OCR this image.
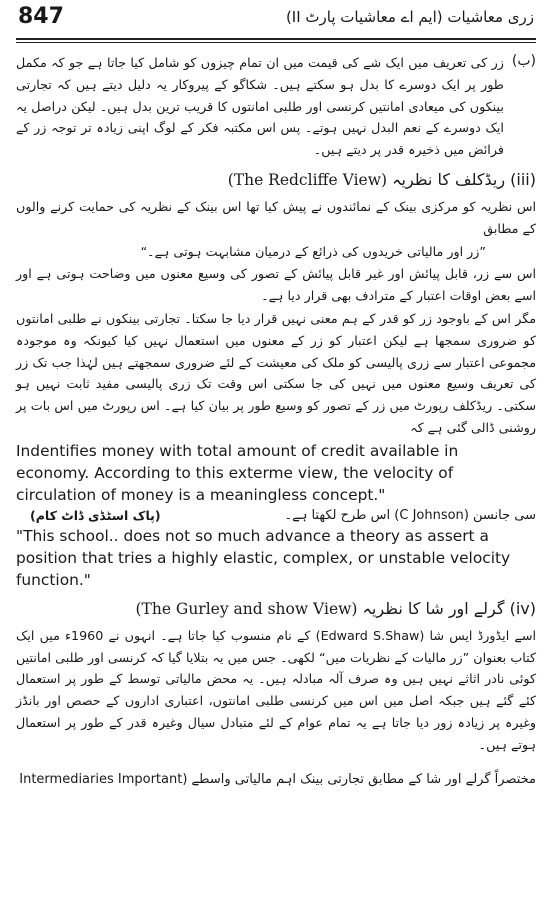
847	زری معاشیات (ایم اے معاشیات پارٹ II)
(ب)

زر کی تعریف میں ایک شے کی قیمت میں ان تمام چیزوں کو شامل کیا جاتا ہے جو کہ مکمل طور پر ایک دوسرے کا بدل ہو سکتے ہیں۔ شکاگو کے پیروکار یہ دلیل دیتے ہیں کہ تجارتی بینکوں کی میعادی امانتیں کرنسی اور طلبی امانتوں کا قریب ترین بدل ہیں۔ لیکن دراصل یہ ایک دوسرے کے نعم البدل نہیں ہوتے۔ پس اس مکتبہ فکر کے لوگ اپنی زیادہ تر توجہ زر کے فرائض میں ذخیرہ قدر پر دیتے ہیں۔

(iii) ریڈکلف کا نظریہ (The Redcliffe View)

اس نظریہ کو مرکزی بینک کے نمائندوں نے پیش کیا تھا اس بینک کے نظریہ کی حمایت کرنے والوں کے مطابق

”زر اور مالیاتی خریدوں کی ذرائع کے درمیان مشابہت ہوتی ہے۔“

اس سے زر، قابل پیائش اور غیر قابل پیائش کے تصور کی وسیع معنوں میں وضاحت ہوتی ہے اور اسے بعض اوقات اعتبار کے مترادف بھی قرار دیا ہے۔

مگر اس کے باوجود زر کو قدر کے ہم معنی نہیں قرار دیا جا سکتا۔ تجارتی بینکوں نے طلبی امانتوں کو ضروری سمجھا ہے لیکن اعتبار کو زر کے معنوں میں استعمال نہیں کیا کیونکہ وہ موجودہ مجموعی اعتبار سے زری پالیسی کو ملک کی معیشت کے لئے ضروری سمجھتے ہیں لہٰذا جب تک زر کی تعریف وسیع معنوں میں نہیں کی جا سکتی اس وقت تک زری پالیسی مفید ثابت نہیں ہو سکتی۔ ریڈکلف رپورٹ میں زر کے تصور کو وسیع طور پر بیان کیا ہے۔ اس رپورٹ میں اس بات پر روشنی ڈالی گئی ہے کہ

Indentifies money with total amount of credit available in economy. According to this exterme view, the velocity of circulation of money is a meaningless concept."

(پاک اسٹڈی ڈاٹ کام)	سی جانسن (C Johnson) اس طرح لکھتا ہے۔

"This school.. does not so much advance a theory as assert a position that tries a highly elastic, complex, or unstable velocity function."

(iv) گرلے اور شا کا نظریہ (The Gurley and show View)

اسے ایڈورڈ ایس شا (Edward S.Shaw) کے نام منسوب کیا جاتا ہے۔ انہوں نے 1960ء میں ایک کتاب بعنوان ”زر مالیات کے نظریات میں“ لکھی۔ جس میں یہ بتلایا گیا کہ کرنسی اور طلبی امانتیں کوئی نادر اثاثے نہیں ہیں وہ صرف آلہ مبادلہ ہیں۔ یہ محض مالیاتی توسط کے طور پر استعمال کئے گئے ہیں جبکہ اصل میں اس میں کرنسی طلبی امانتوں، اعتباری اداروں کے حصص اور بانڈز وغیرہ پر زیادہ زور دیا جاتا ہے یہ تمام عوام کے لئے متبادل سیال وغیرہ قدر کے طور پر استعمال ہوتے ہیں۔

مختصراً گرلے اور شا کے مطابق تجارتی بینک اہم مالیاتی واسطے (Intermediaries Important
